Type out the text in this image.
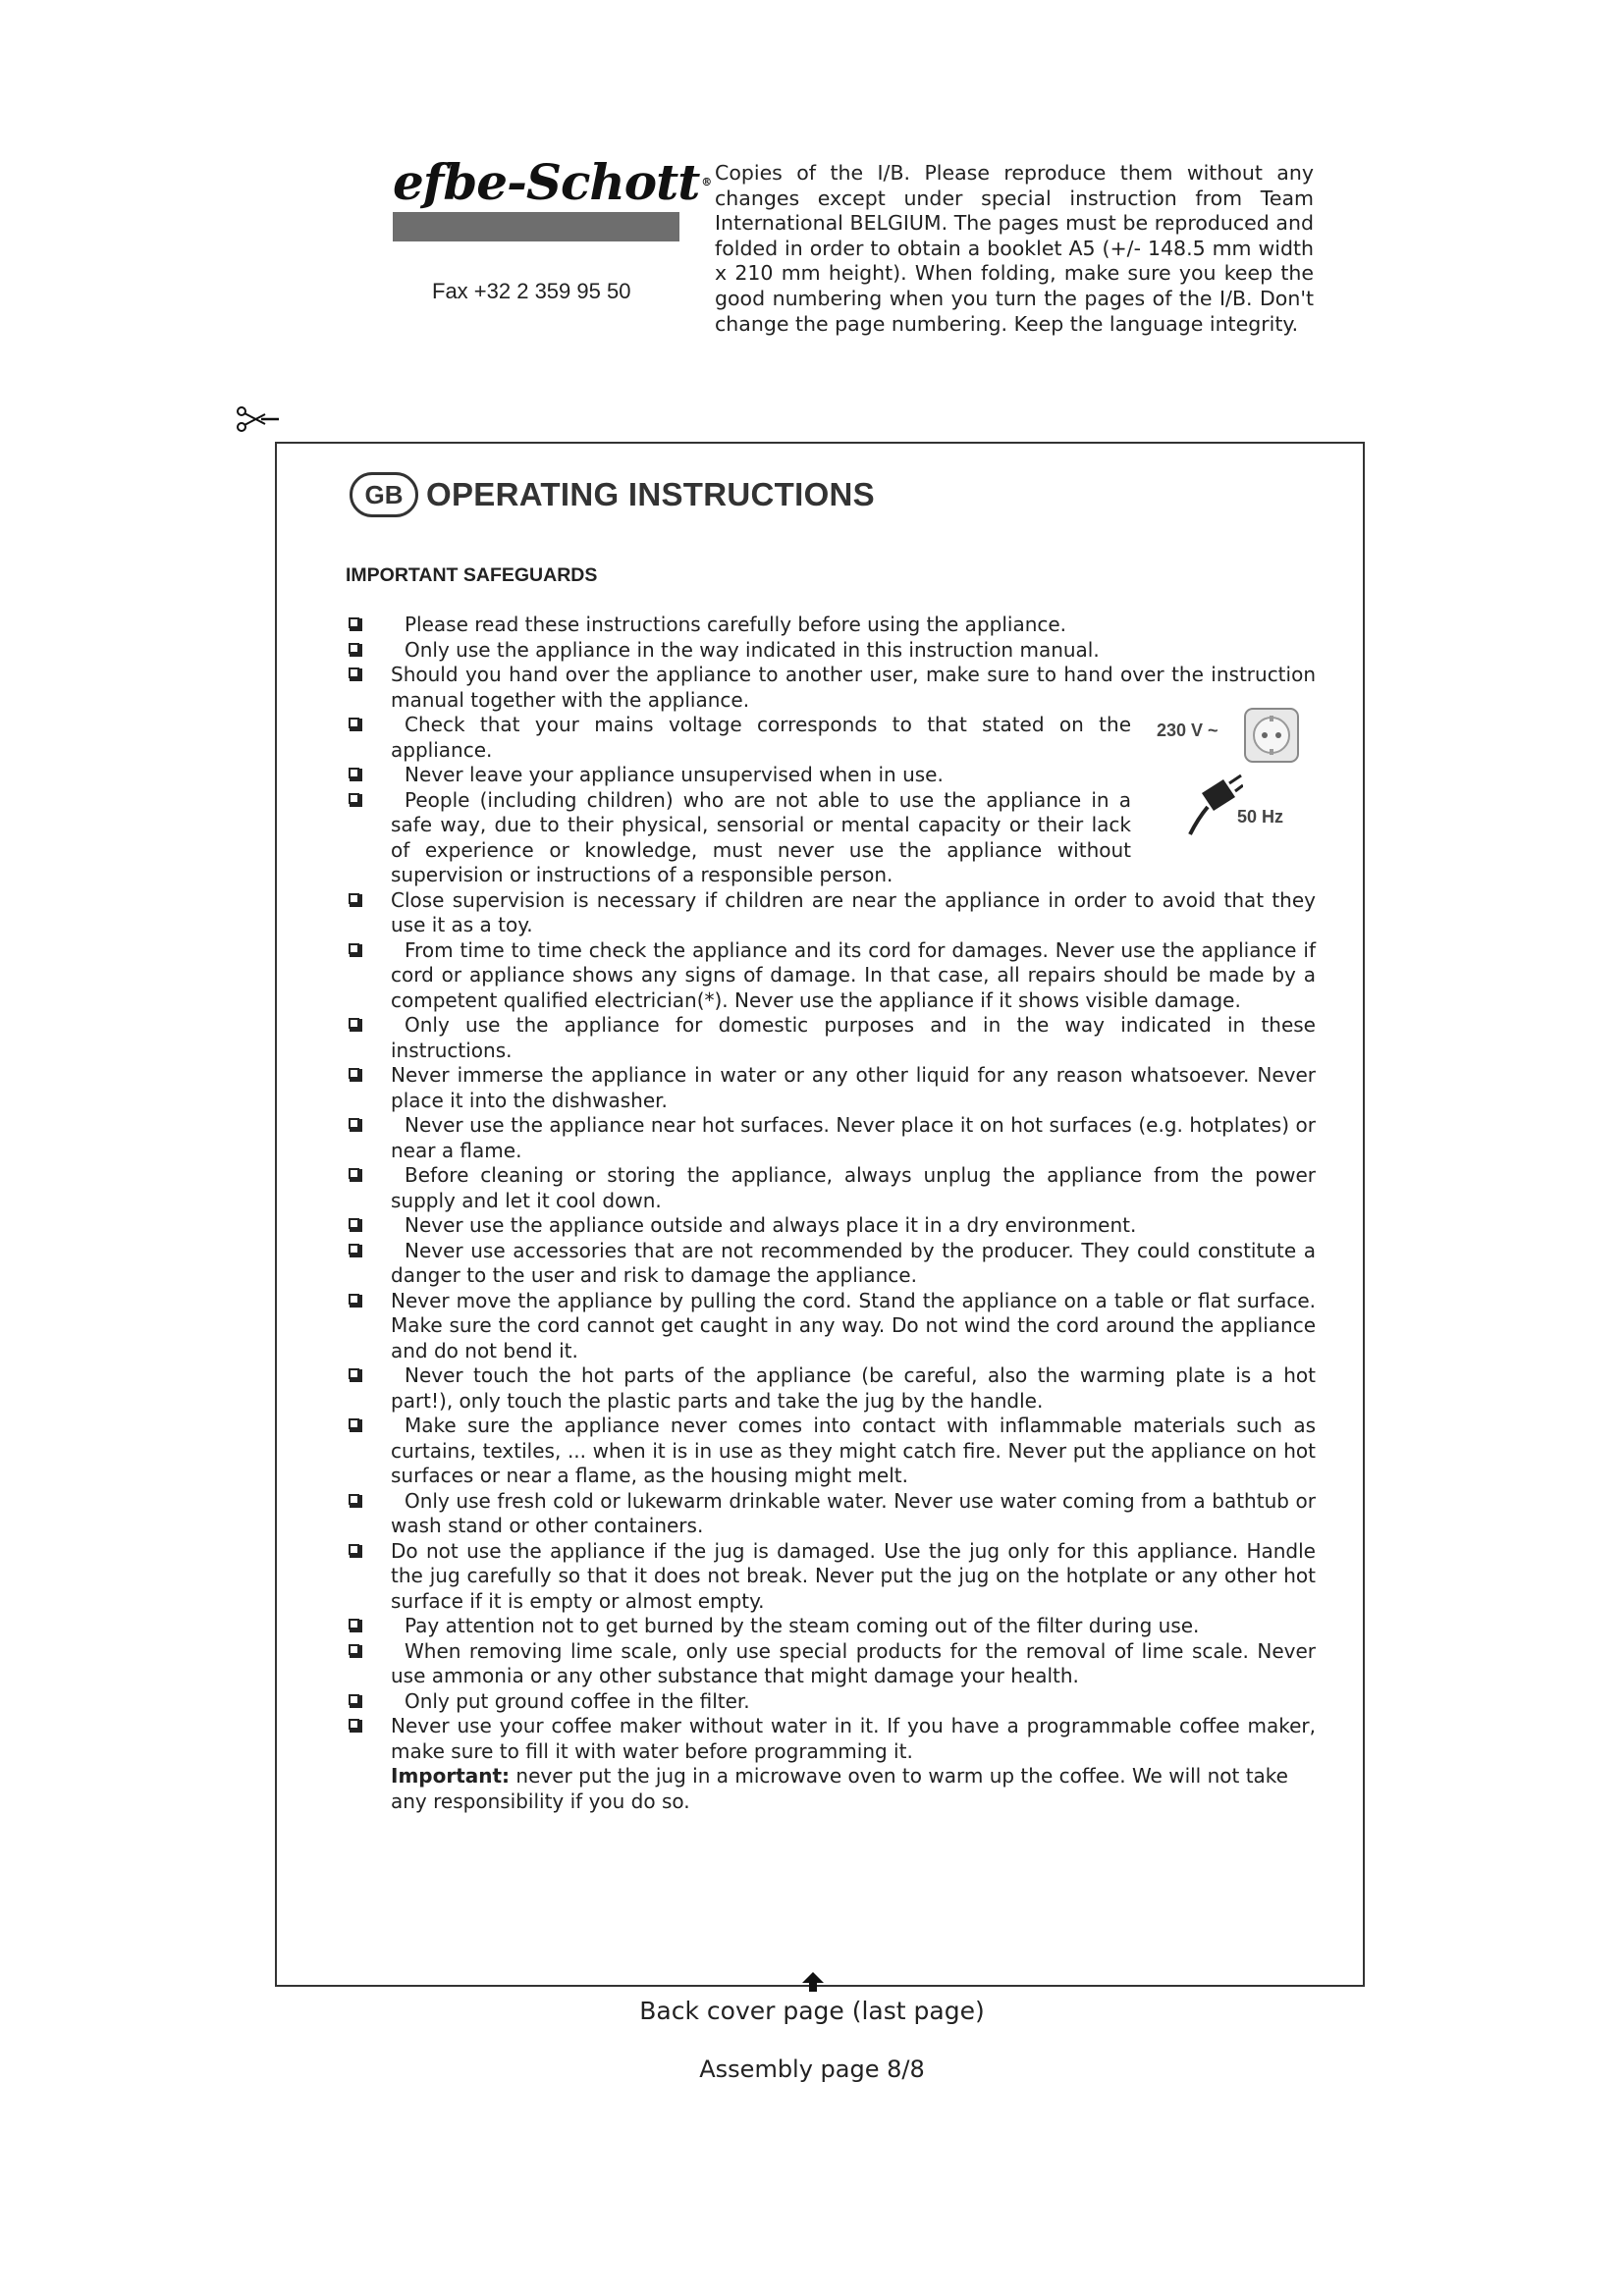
efbe-Schott ®
Fax +32 2 359 95 50
Copies of the I/B. Please reproduce them without any changes except under special instruction from Team International BELGIUM. The pages must be reproduced and folded in order to obtain a booklet A5 (+/- 148.5 mm width x 210 mm height). When folding, make sure you keep the good numbering when you turn the pages of the I/B. Don't change the page numbering. Keep the language integrity.
GB OPERATING INSTRUCTIONS
IMPORTANT SAFEGUARDS
Please read these instructions carefully before using the appliance.
Only use the appliance in the way indicated in this instruction manual.
Should you hand over the appliance to another user, make sure to hand over the instruction manual together with the appliance.
Check that your mains voltage corresponds to that stated on the appliance.
Never leave your appliance unsupervised when in use.
People (including children) who are not able to use the appliance in a safe way, due to their physical, sensorial or mental capacity or their lack of experience or knowledge, must never use the appliance without supervision or instructions of a responsible person.
Close supervision is necessary if children are near the appliance in order to avoid that they use it as a toy.
From time to time check the appliance and its cord for damages. Never use the appliance if cord or appliance shows any signs of damage. In that case, all repairs should be made by a competent qualified electrician(*). Never use the appliance if it shows visible damage.
Only use the appliance for domestic purposes and in the way indicated in these instructions.
Never immerse the appliance in water or any other liquid for any reason whatsoever. Never place it into the dishwasher.
Never use the appliance near hot surfaces. Never place it on hot surfaces (e.g. hotplates) or near a flame.
Before cleaning or storing the appliance, always unplug the appliance from the power supply and let it cool down.
Never use the appliance outside and always place it in a dry environment.
Never use accessories that are not recommended by the producer. They could constitute a danger to the user and risk to damage the appliance.
Never move the appliance by pulling the cord. Stand the appliance on a table or flat surface. Make sure the cord cannot get caught in any way. Do not wind the cord around the appliance and do not bend it.
Never touch the hot parts of the appliance (be careful, also the warming plate is a hot part!), only touch the plastic parts and take the jug by the handle.
Make sure the appliance never comes into contact with inflammable materials such as curtains, textiles, ... when it is in use as they might catch fire. Never put the appliance on hot surfaces or near a flame, as the housing might melt.
Only use fresh cold or lukewarm drinkable water. Never use water coming from a bathtub or wash stand or other containers.
Do not use the appliance if the jug is damaged. Use the jug only for this appliance. Handle the jug carefully so that it does not break. Never put the jug on the hotplate or any other hot surface if it is empty or almost empty.
Pay attention not to get burned by the steam coming out of the filter during use.
When removing lime scale, only use special products for the removal of lime scale. Never use ammonia or any other substance that might damage your health.
Only put ground coffee in the filter.
Never use your coffee maker without water in it. If you have a programmable coffee maker, make sure to fill it with water before programming it.
Important: never put the jug in a microwave oven to warm up the coffee. We will not take any responsibility if you do so.
230 V ~
50 Hz
Back cover page (last page)
Assembly page 8/8
